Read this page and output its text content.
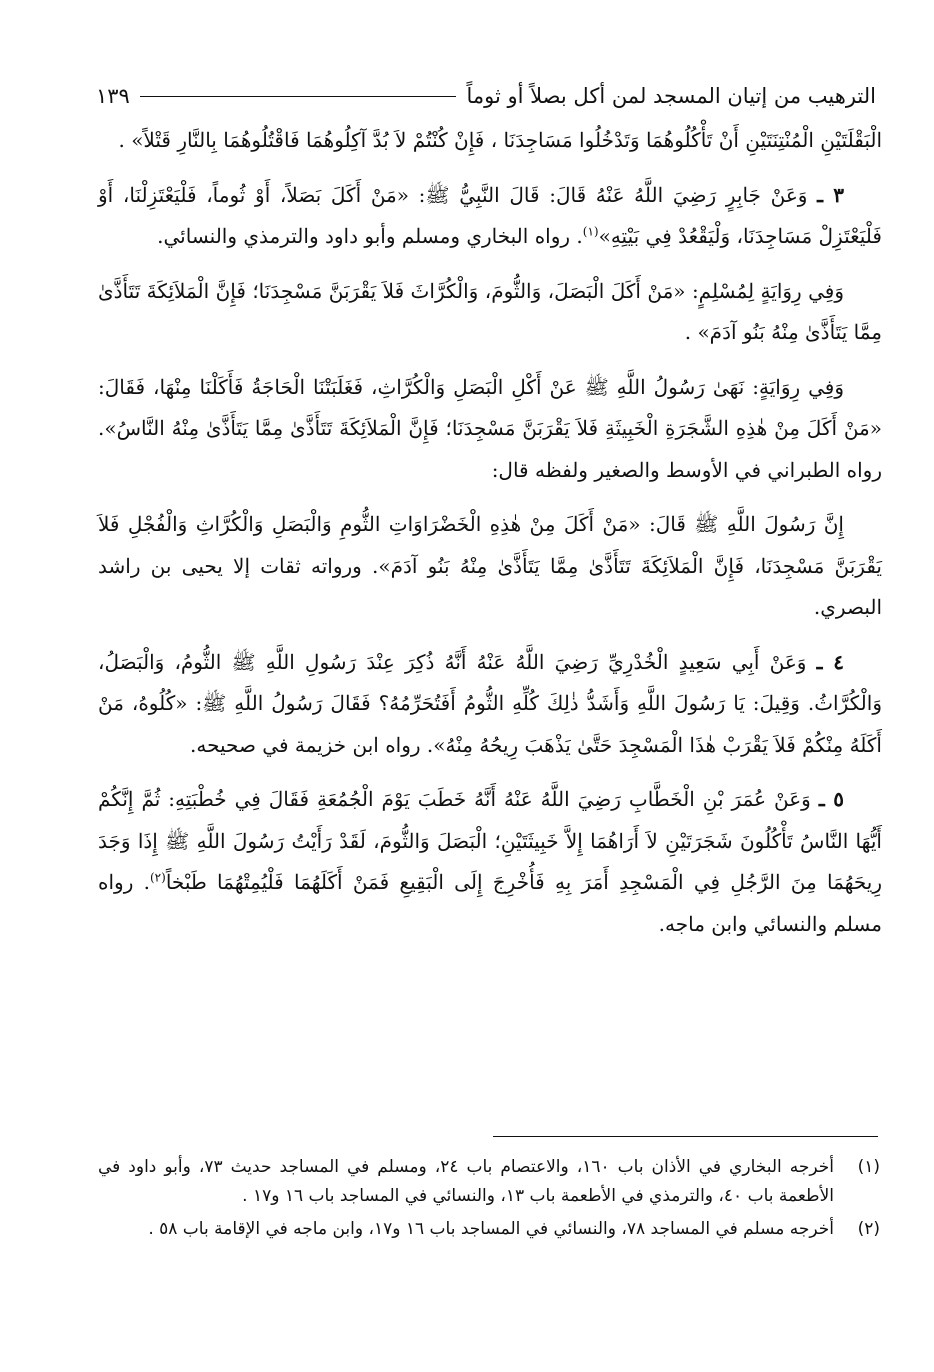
الترهيب من إتيان المسجد لمن أكل بصلاً أو ثوماً
١٣٩

الْبَقْلَتَيْنِ الْمُنْتِنَتَيْنِ أَنْ تَأْكُلُوهُمَا وَتَدْخُلُوا مَسَاجِدَنَا ، فَإِنْ كُنْتُمْ لاَ بُدَّ آكِلُوهُمَا فَاقْتُلُوهُمَا بِالنَّارِ قَتْلاً» .

٣ ـ وَعَنْ جَابِرٍ رَضِيَ اللَّهُ عَنْهُ قَالَ: قَالَ النَّبِيُّ ﷺ: «مَنْ أَكَلَ بَصَلاً، أَوْ ثُوماً، فَلْيَعْتَزِلْنَا، أَوْ فَلْيَعْتَزِلْ مَسَاجِدَنَا، وَلْيَقْعُدْ فِي بَيْتِهِ»$^{(١)}$. رواه البخاري ومسلم وأبو داود والترمذي والنسائي.

وَفِي رِوَايَةٍ لِمُسْلِمٍ: «مَنْ أَكَلَ الْبَصَلَ، وَالثُّومَ، وَالْكُرَّاثَ فَلاَ يَقْرَبَنَّ مَسْجِدَنَا؛ فَإِنَّ الْمَلاَئِكَةَ تَتَأَذَّىٰ مِمَّا يَتَأَذَّىٰ مِنْهُ بَنُو آدَمَ» .

وَفِي رِوَايَةٍ: نَهَىٰ رَسُولُ اللَّهِ ﷺ عَنْ أَكْلِ الْبَصَلِ وَالْكُرَّاثِ، فَغَلَبَتْنَا الْحَاجَةُ فَأَكَلْنَا مِنْهَا، فَقَالَ: «مَنْ أَكَلَ مِنْ هٰذِهِ الشَّجَرَةِ الْخَبِيثَةِ فَلاَ يَقْرَبَنَّ مَسْجِدَنَا؛ فَإِنَّ الْمَلاَئِكَةَ تَتَأَذَّىٰ مِمَّا يَتَأَذَّىٰ مِنْهُ النَّاسُ». رواه الطبراني في الأوسط والصغير ولفظه قال:

إِنَّ رَسُولَ اللَّهِ ﷺ قَالَ: «مَنْ أَكَلَ مِنْ هٰذِهِ الْخَضْرَاوَاتِ الثُّومِ وَالْبَصَلِ وَالْكُرَّاثِ وَالْفُجْلِ فَلاَ يَقْرَبَنَّ مَسْجِدَنَا، فَإِنَّ الْمَلاَئِكَةَ تَتَأَذَّىٰ مِمَّا يَتَأَذَّىٰ مِنْهُ بَنُو آدَمَ». ورواته ثقات إلا يحيى بن راشد البصري.

٤ ـ وَعَنْ أَبِي سَعِيدٍ الْخُدْرِيِّ رَضِيَ اللَّهُ عَنْهُ أَنَّهُ ذُكِرَ عِنْدَ رَسُولِ اللَّهِ ﷺ الثُّومُ، وَالْبَصَلُ، وَالْكُرَّاثُ. وَقِيلَ: يَا رَسُولَ اللَّهِ وَأَشَدُّ ذٰلِكَ كُلِّهِ الثُّومُ أَفَتُحَرِّمُهُ؟ فَقَالَ رَسُولُ اللَّهِ ﷺ: «كُلُوهُ، مَنْ أَكَلَهُ مِنْكُمْ فَلاَ يَقْرَبْ هٰذَا الْمَسْجِدَ حَتَّىٰ يَذْهَبَ رِيحُهُ مِنْهُ». رواه ابن خزيمة في صحيحه.

٥ ـ وَعَنْ عُمَرَ بْنِ الْخَطَّابِ رَضِيَ اللَّهُ عَنْهُ أَنَّهُ خَطَبَ يَوْمَ الْجُمُعَةِ فَقَالَ فِي خُطْبَتِهِ: ثُمَّ إِنَّكُمْ أَيُّهَا النَّاسُ تَأْكُلُونَ شَجَرَتَيْنِ لاَ أَرَاهُمَا إِلاَّ خَبِيثَتَيْنِ؛ الْبَصَلَ وَالثُّومَ، لَقَدْ رَأَيْتُ رَسُولَ اللَّهِ ﷺ إِذَا وَجَدَ رِيحَهُمَا مِنَ الرَّجُلِ فِي الْمَسْجِدِ أَمَرَ بِهِ فَأُخْرِجَ إِلَى الْبَقِيعِ فَمَنْ أَكَلَهُمَا فَلْيُمِتْهُمَا طَبْخاً$^{(٢)}$. رواه مسلم والنسائي وابن ماجه.

(١)
أخرجه البخاري في الأذان باب ١٦٠، والاعتصام باب ٢٤، ومسلم في المساجد حديث ٧٣، وأبو داود في الأطعمة باب ٤٠، والترمذي في الأطعمة باب ١٣، والنسائي في المساجد باب ١٦ و١٧ .
(٢)
أخرجه مسلم في المساجد ٧٨، والنسائي في المساجد باب ١٦ و١٧، وابن ماجه في الإقامة باب ٥٨ .
